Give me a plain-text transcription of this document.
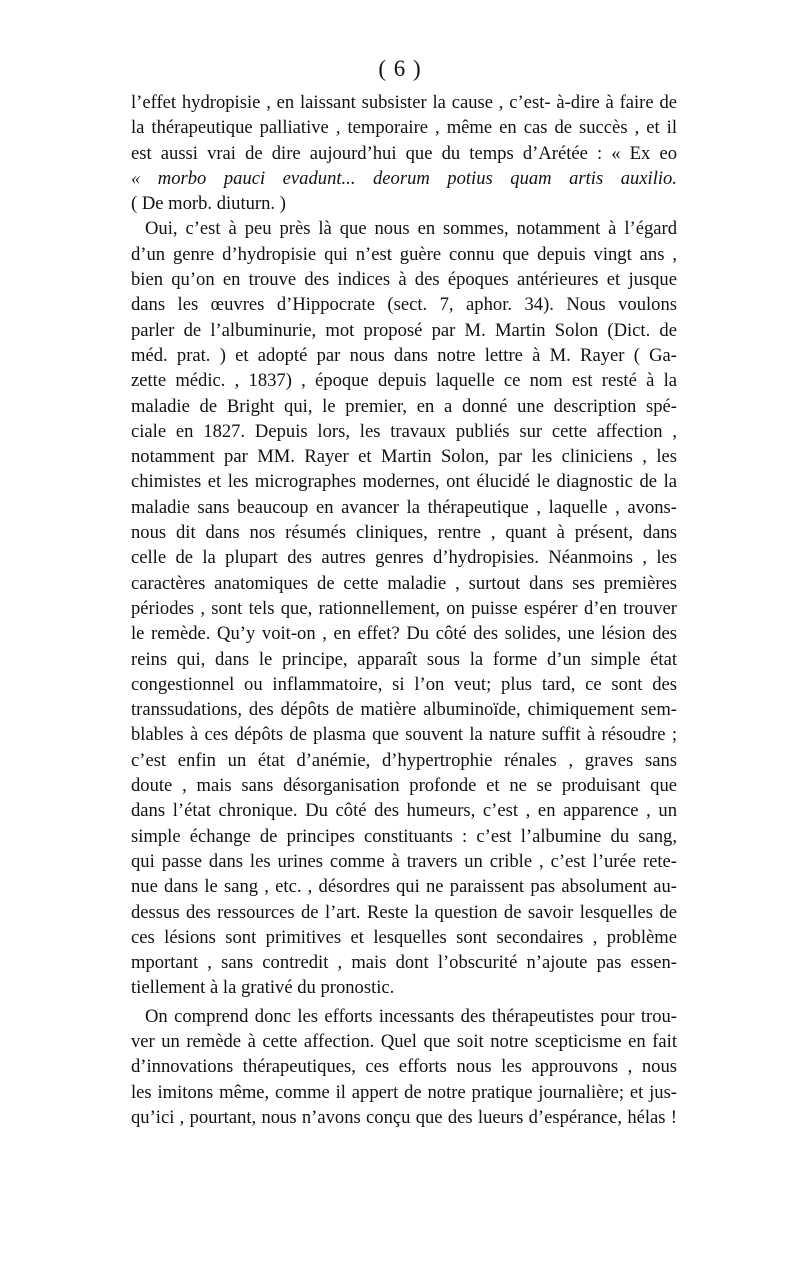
( 6 )
l’effet hydropisie , en laissant subsister la cause , c’est- à-dire à faire de
la thérapeutique palliative , temporaire , même en cas de succès , et il
est aussi vrai de dire aujourd’hui que du temps d’Arétée : « Ex eo
« morbo pauci evadunt... deorum potius quam artis auxilio.
( De morb. diuturn. )
Oui, c’est à peu près là que nous en sommes, notamment à l’égard
d’un genre d’hydropisie qui n’est guère connu que depuis vingt ans ,
bien qu’on en trouve des indices à des époques antérieures et jusque
dans les œuvres d’Hippocrate (sect. 7, aphor. 34). Nous voulons
parler de l’albuminurie, mot proposé par M. Martin Solon (Dict. de
méd. prat. ) et adopté par nous dans notre lettre à M. Rayer ( Ga-
zette médic. , 1837) , époque depuis laquelle ce nom est resté à la
maladie de Bright qui, le premier, en a donné une description spé-
ciale en 1827. Depuis lors, les travaux publiés sur cette affection ,
notamment par MM. Rayer et Martin Solon, par les cliniciens , les
chimistes et les micrographes modernes, ont élucidé le diagnostic de la
maladie sans beaucoup en avancer la thérapeutique , laquelle , avons-
nous dit dans nos résumés cliniques, rentre , quant à présent, dans
celle de la plupart des autres genres d’hydropisies. Néanmoins , les
caractères anatomiques de cette maladie , surtout dans ses premières
périodes , sont tels que, rationnellement, on puisse espérer d’en trouver
le remède. Qu’y voit-on , en effet? Du côté des solides, une lésion des
reins qui, dans le principe, apparaît sous la forme d’un simple état
congestionnel ou inflammatoire, si l’on veut; plus tard, ce sont des
transsudations, des dépôts de matière albuminoïde, chimiquement sem-
blables à ces dépôts de plasma que souvent la nature suffit à résoudre ;
c’est enfin un état d’anémie, d’hypertrophie rénales , graves sans
doute , mais sans désorganisation profonde et ne se produisant que
dans l’état chronique. Du côté des humeurs, c’est , en apparence , un
simple échange de principes constituants : c’est l’albumine du sang,
qui passe dans les urines comme à travers un crible , c’est l’urée rete-
nue dans le sang , etc. , désordres qui ne paraissent pas absolument au-
dessus des ressources de l’art. Reste la question de savoir lesquelles de
ces lésions sont primitives et lesquelles sont secondaires , problème
mportant , sans contredit , mais dont l’obscurité n’ajoute pas essen-
tiellement à la grativé du pronostic.
On comprend donc les efforts incessants des thérapeutistes pour trou-
ver un remède à cette affection. Quel que soit notre scepticisme en fait
d’innovations thérapeutiques, ces efforts nous les approuvons , nous
les imitons même, comme il appert de notre pratique journalière; et jus-
qu’ici , pourtant, nous n’avons conçu que des lueurs d’espérance, hélas !
